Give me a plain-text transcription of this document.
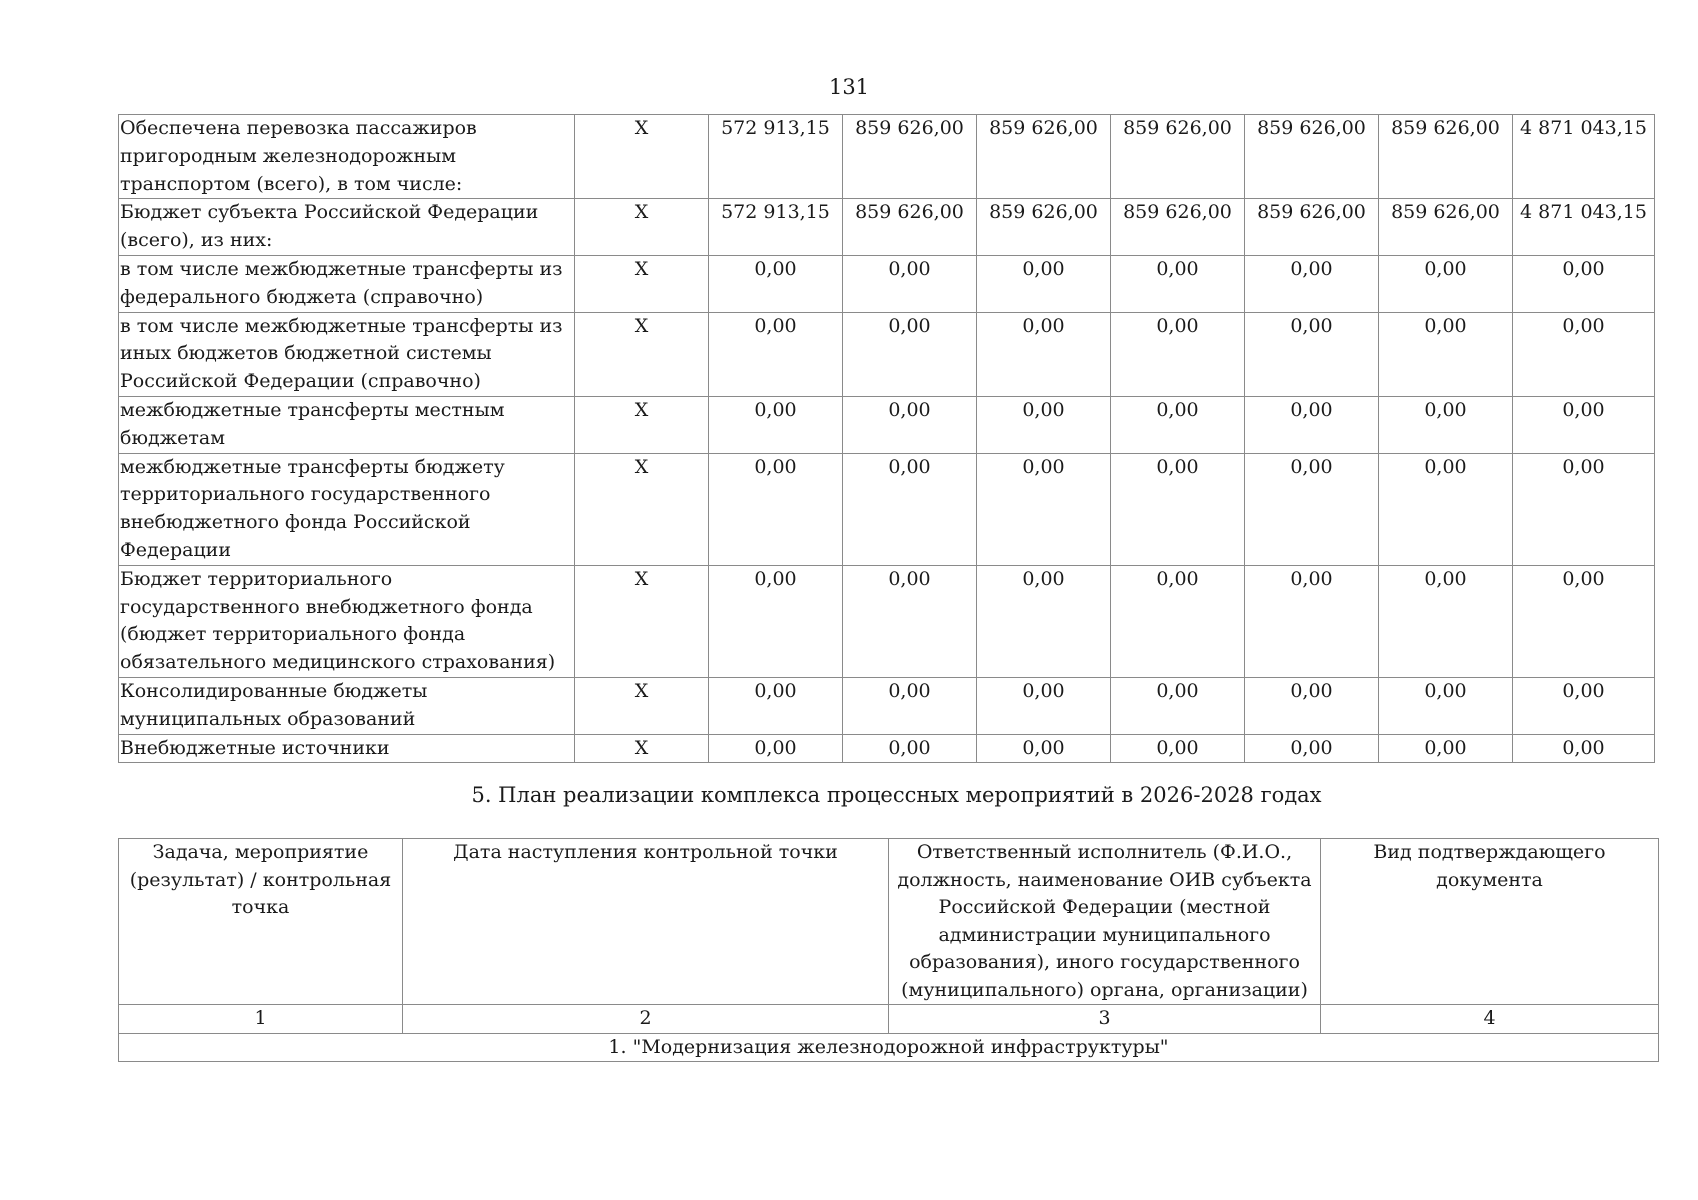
131
Обеспечена перевозка пассажиров пригородным железнодорожным транспортом (всего), в том числе:	X	572 913,15	859 626,00	859 626,00	859 626,00	859 626,00	859 626,00	4 871 043,15
Бюджет субъекта Российской Федерации (всего), из них:	X	572 913,15	859 626,00	859 626,00	859 626,00	859 626,00	859 626,00	4 871 043,15
в том числе межбюджетные трансферты из федерального бюджета (справочно)	X	0,00	0,00	0,00	0,00	0,00	0,00	0,00
в том числе межбюджетные трансферты из иных бюджетов бюджетной системы Российской Федерации (справочно)	X	0,00	0,00	0,00	0,00	0,00	0,00	0,00
межбюджетные трансферты местным бюджетам	X	0,00	0,00	0,00	0,00	0,00	0,00	0,00
межбюджетные трансферты бюджету территориального государственного внебюджетного фонда Российской Федерации	X	0,00	0,00	0,00	0,00	0,00	0,00	0,00
Бюджет территориального государственного внебюджетного фонда (бюджет территориального фонда обязательного медицинского страхования)	X	0,00	0,00	0,00	0,00	0,00	0,00	0,00
Консолидированные бюджеты муниципальных образований	X	0,00	0,00	0,00	0,00	0,00	0,00	0,00
Внебюджетные источники	X	0,00	0,00	0,00	0,00	0,00	0,00	0,00
5. План реализации комплекса процессных мероприятий в 2026-2028 годах
Задача, мероприятие (результат) / контрольная точка	Дата наступления контрольной точки	Ответственный исполнитель (Ф.И.О., должность, наименование ОИВ субъекта Российской Федерации (местной администрации муниципального образования), иного государственного (муниципального) органа, организации)	Вид подтверждающего документа
1	2	3	4
1. "Модернизация железнодорожной инфраструктуры"			
